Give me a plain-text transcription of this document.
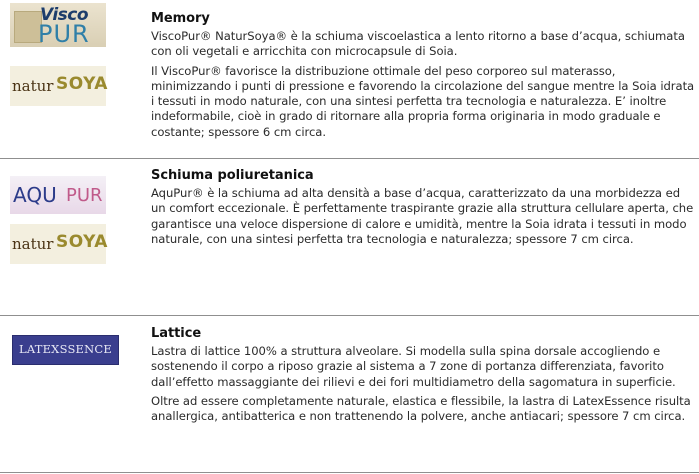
Visco
PUR
natur SOYA
Memory

ViscoPur® NaturSoya® è la schiuma viscoelastica a lento ritorno a base d’acqua, schiumata con oli vegetali e arricchita con microcapsule di Soia.

Il ViscoPur® favorisce la distribuzione ottimale del peso corporeo sul materasso, minimizzando i punti di pressione e favorendo la circolazione del sangue mentre la Soia idrata i tessuti in modo naturale, con una sintesi perfetta tra tecnologia e naturalezza. E’ inoltre indeformabile, cioè in grado di ritornare alla propria forma originaria in modo graduale e costante; spessore 6 cm circa.

AQU PUR
natur SOYA
Schiuma poliuretanica

AquPur® è la schiuma ad alta densità a base d’acqua, caratterizzato da una morbidezza ed un comfort eccezionale. È perfettamente traspirante grazie alla struttura cellulare aperta, che garantisce una veloce dispersione di calore e umidità, mentre la Soia idrata i tessuti in modo naturale, con una sintesi perfetta tra tecnologia e naturalezza; spessore 7 cm circa.

LATEXSSENCE
Lattice

Lastra di lattice 100% a struttura alveolare. Si modella sulla spina dorsale accogliendo e sostenendo il corpo a riposo grazie al sistema a 7 zone di portanza differenziata, favorito dall’effetto massaggiante dei rilievi e dei fori multidiametro della sagomatura in superficie.

Oltre ad essere completamente naturale, elastica e flessibile, la lastra di LatexEssence risulta anallergica, antibatterica e non trattenendo la polvere, anche antiacari; spessore 7 cm circa.
